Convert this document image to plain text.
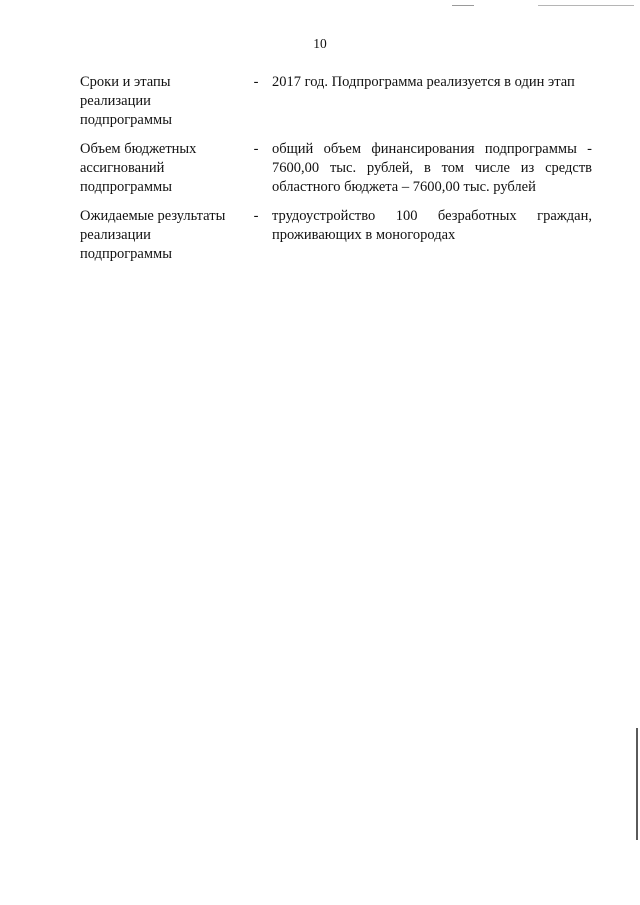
10
Сроки и этапы
реализации
подпрограммы
- 2017 год. Подпрограмма реализуется в один этап
Объем бюджетных
ассигнований
подпрограммы
- общий объем финансирования подпрограммы -
7600,00 тыс. рублей, в том числе из средств
областного бюджета – 7600,00 тыс. рублей
Ожидаемые результаты
реализации
подпрограммы
- трудоустройство 100 безработных граждан,
проживающих в моногородах
